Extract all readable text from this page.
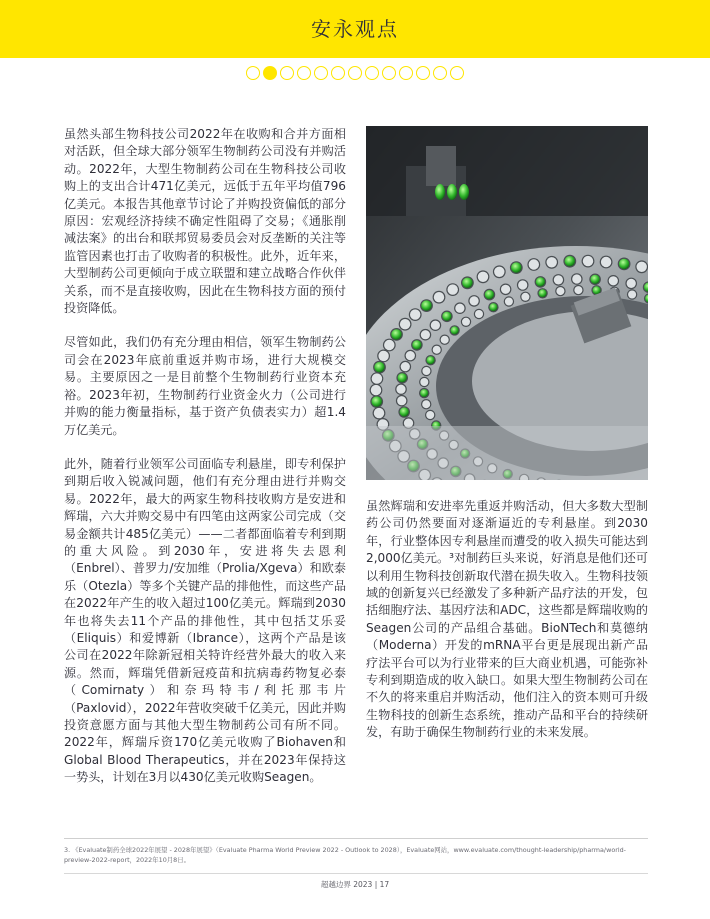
安永观点

虽然头部生物科技公司2022年在收购和合并方面相对活跃，但全球大部分领军生物制药公司没有并购活动。2022年，大型生物制药公司在生物科技公司收购上的支出合计471亿美元，远低于五年平均值796亿美元。本报告其他章节讨论了并购投资偏低的部分原因：宏观经济持续不确定性阻碍了交易；《通胀削减法案》的出台和联邦贸易委员会对反垄断的关注等监管因素也打击了收购者的积极性。此外，近年来，大型制药公司更倾向于成立联盟和建立战略合作伙伴关系，而不是直接收购，因此在生物科技方面的预付投资降低。

尽管如此，我们仍有充分理由相信，领军生物制药公司会在2023年底前重返并购市场，进行大规模交易。主要原因之一是目前整个生物制药行业资本充裕。2023年初，生物制药行业资金火力（公司进行并购的能力衡量指标，基于资产负债表实力）超1.4万亿美元。

此外，随着行业领军公司面临专利悬崖，即专利保护到期后收入锐减问题，他们有充分理由进行并购交易。2022年，最大的两家生物科技收购方是安进和辉瑞，六大并购交易中有四笔由这两家公司完成（交易金额共计485亿美元）——二者都面临着专利到期的重大风险。到2030年，安进将失去恩利（Enbrel）、普罗力/安加维（Prolia/Xgeva）和欧泰乐（Otezla）等多个关键产品的排他性，而这些产品在2022年产生的收入超过100亿美元。辉瑞到2030年也将失去11个产品的排他性，其中包括艾乐妥（Eliquis）和爱博新（Ibrance），这两个产品是该公司在2022年除新冠相关特许经营外最大的收入来源。然而，辉瑞凭借新冠疫苗和抗病毒药物复必泰（Comirnaty）和奈玛特韦/利托那韦片（Paxlovid），2022年营收突破千亿美元，因此并购投资意愿方面与其他大型生物制药公司有所不同。2022年，辉瑞斥资170亿美元收购了Biohaven和Global Blood Therapeutics，并在2023年保持这一势头，计划在3月以430亿美元收购Seagen。

虽然辉瑞和安进率先重返并购活动，但大多数大型制药公司仍然要面对逐渐逼近的专利悬崖。到2030年，行业整体因专利悬崖而遭受的收入损失可能达到2,000亿美元。³对制药巨头来说，好消息是他们还可以利用生物科技创新取代潜在损失收入。生物科技领域的创新复兴已经激发了多种新产品疗法的开发，包括细胞疗法、基因疗法和ADC，这些都是辉瑞收购的Seagen公司的产品组合基础。BioNTech和莫德纳（Moderna）开发的mRNA平台更是展现出新产品疗法平台可以为行业带来的巨大商业机遇，可能弥补专利到期造成的收入缺口。如果大型生物制药公司在不久的将来重启并购活动，他们注入的资本则可升级生物科技的创新生态系统，推动产品和平台的持续研发，有助于确保生物制药行业的未来发展。

3. 《Evaluate制药全球2022年展望 - 2028年展望》（Evaluate Pharma World Preview 2022 - Outlook to 2028），Evaluate网站，www.evaluate.com/thought-leadership/pharma/world-preview-2022-report，2022年10月8日。
超越边界 2023 | 17
